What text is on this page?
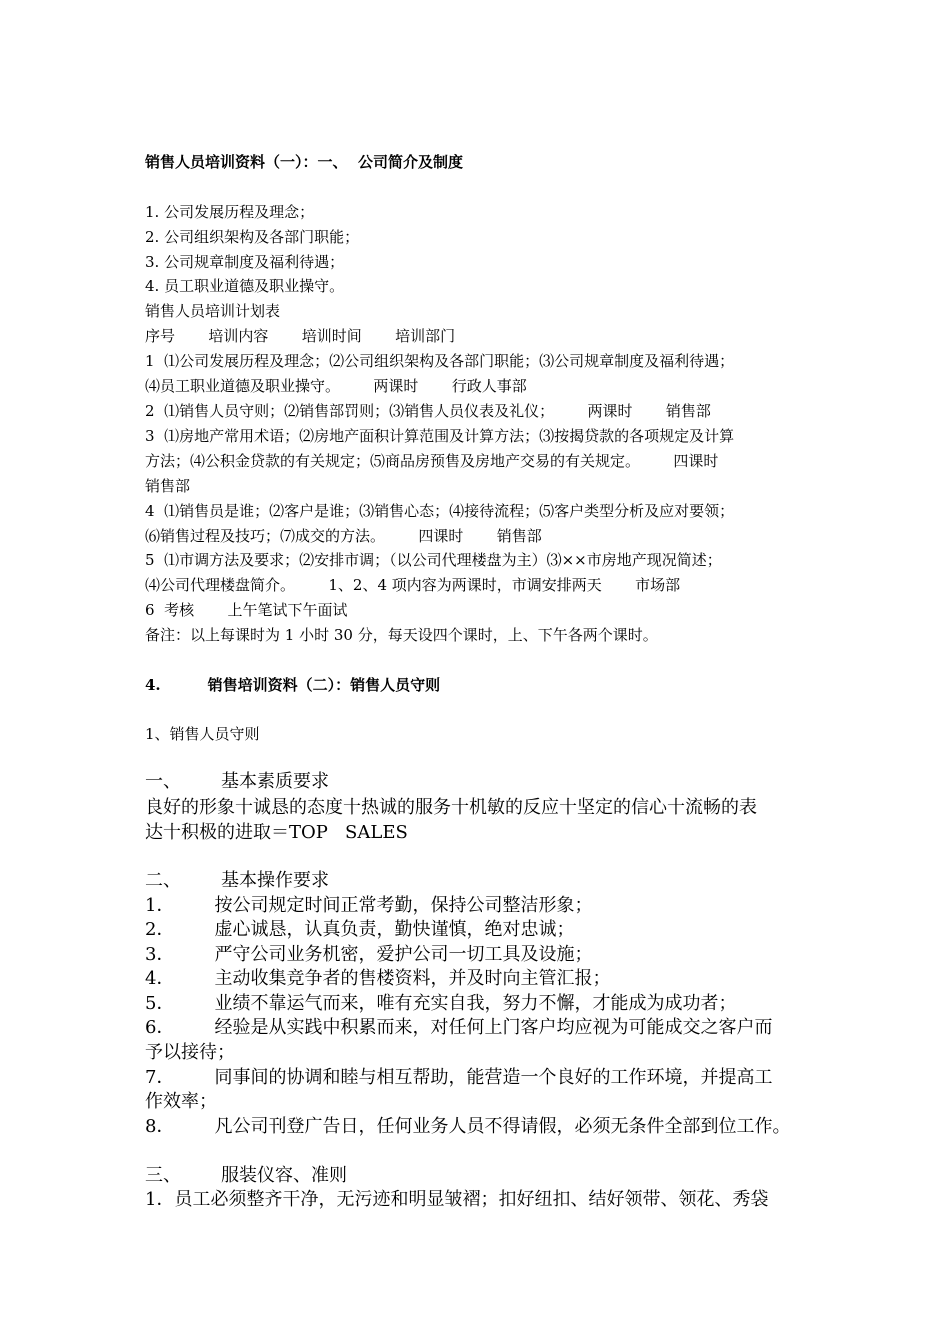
销售人员培训资料（一）：一、  公司简介及制度
1. 公司发展历程及理念；
2. 公司组织架构及各部门职能；
3. 公司规章制度及福利待遇；
4. 员工职业道德及职业操守。
销售人员培训计划表
序号       培训内容       培训时间       培训部门
1  ⑴公司发展历程及理念；⑵公司组织架构及各部门职能；⑶公司规章制度及福利待遇；
⑷员工职业道德及职业操守。       两课时       行政人事部
2  ⑴销售人员守则；⑵销售部罚则；⑶销售人员仪表及礼仪；       两课时       销售部
3  ⑴房地产常用术语；⑵房地产面积计算范围及计算方法；⑶按揭贷款的各项规定及计算
方法；⑷公积金贷款的有关规定；⑸商品房预售及房地产交易的有关规定。       四课时
销售部
4  ⑴销售员是谁；⑵客户是谁；⑶销售心态；⑷接待流程；⑸客户类型分析及应对要领；
⑹销售过程及技巧；⑺成交的方法。       四课时       销售部
5  ⑴市调方法及要求；⑵安排市调；（以公司代理楼盘为主）⑶××市房地产现况简述；
⑷公司代理楼盘简介。       1、2、4 项内容为两课时，市调安排两天       市场部
6  考核       上午笔试下午面试
备注：以上每课时为 1 小时 30 分，每天设四个课时，上、下午各两个课时。
4.         销售培训资料（二）：销售人员守则
1、销售人员守则
一、       基本素质要求
良好的形象十诚恳的态度十热诚的服务十机敏的反应十坚定的信心十流畅的表
达十积极的进取＝TOP   SALES
二、       基本操作要求
1．       按公司规定时间正常考勤，保持公司整洁形象；
2．       虚心诚恳，认真负责，勤快谨慎，绝对忠诚；
3．       严守公司业务机密，爱护公司一切工具及设施；
4．       主动收集竞争者的售楼资料，并及时向主管汇报；
5．       业绩不靠运气而来，唯有充实自我，努力不懈，才能成为成功者；
6．       经验是从实践中积累而来，对任何上门客户均应视为可能成交之客户而
予以接待；
7．       同事间的协调和睦与相互帮助，能营造一个良好的工作环境，并提高工
作效率；
8．       凡公司刊登广告日，任何业务人员不得请假，必须无条件全部到位工作。
三、       服装仪容、准则
1．员工必须整齐干净，无污迹和明显皱褶；扣好纽扣、结好领带、领花、秀袋
